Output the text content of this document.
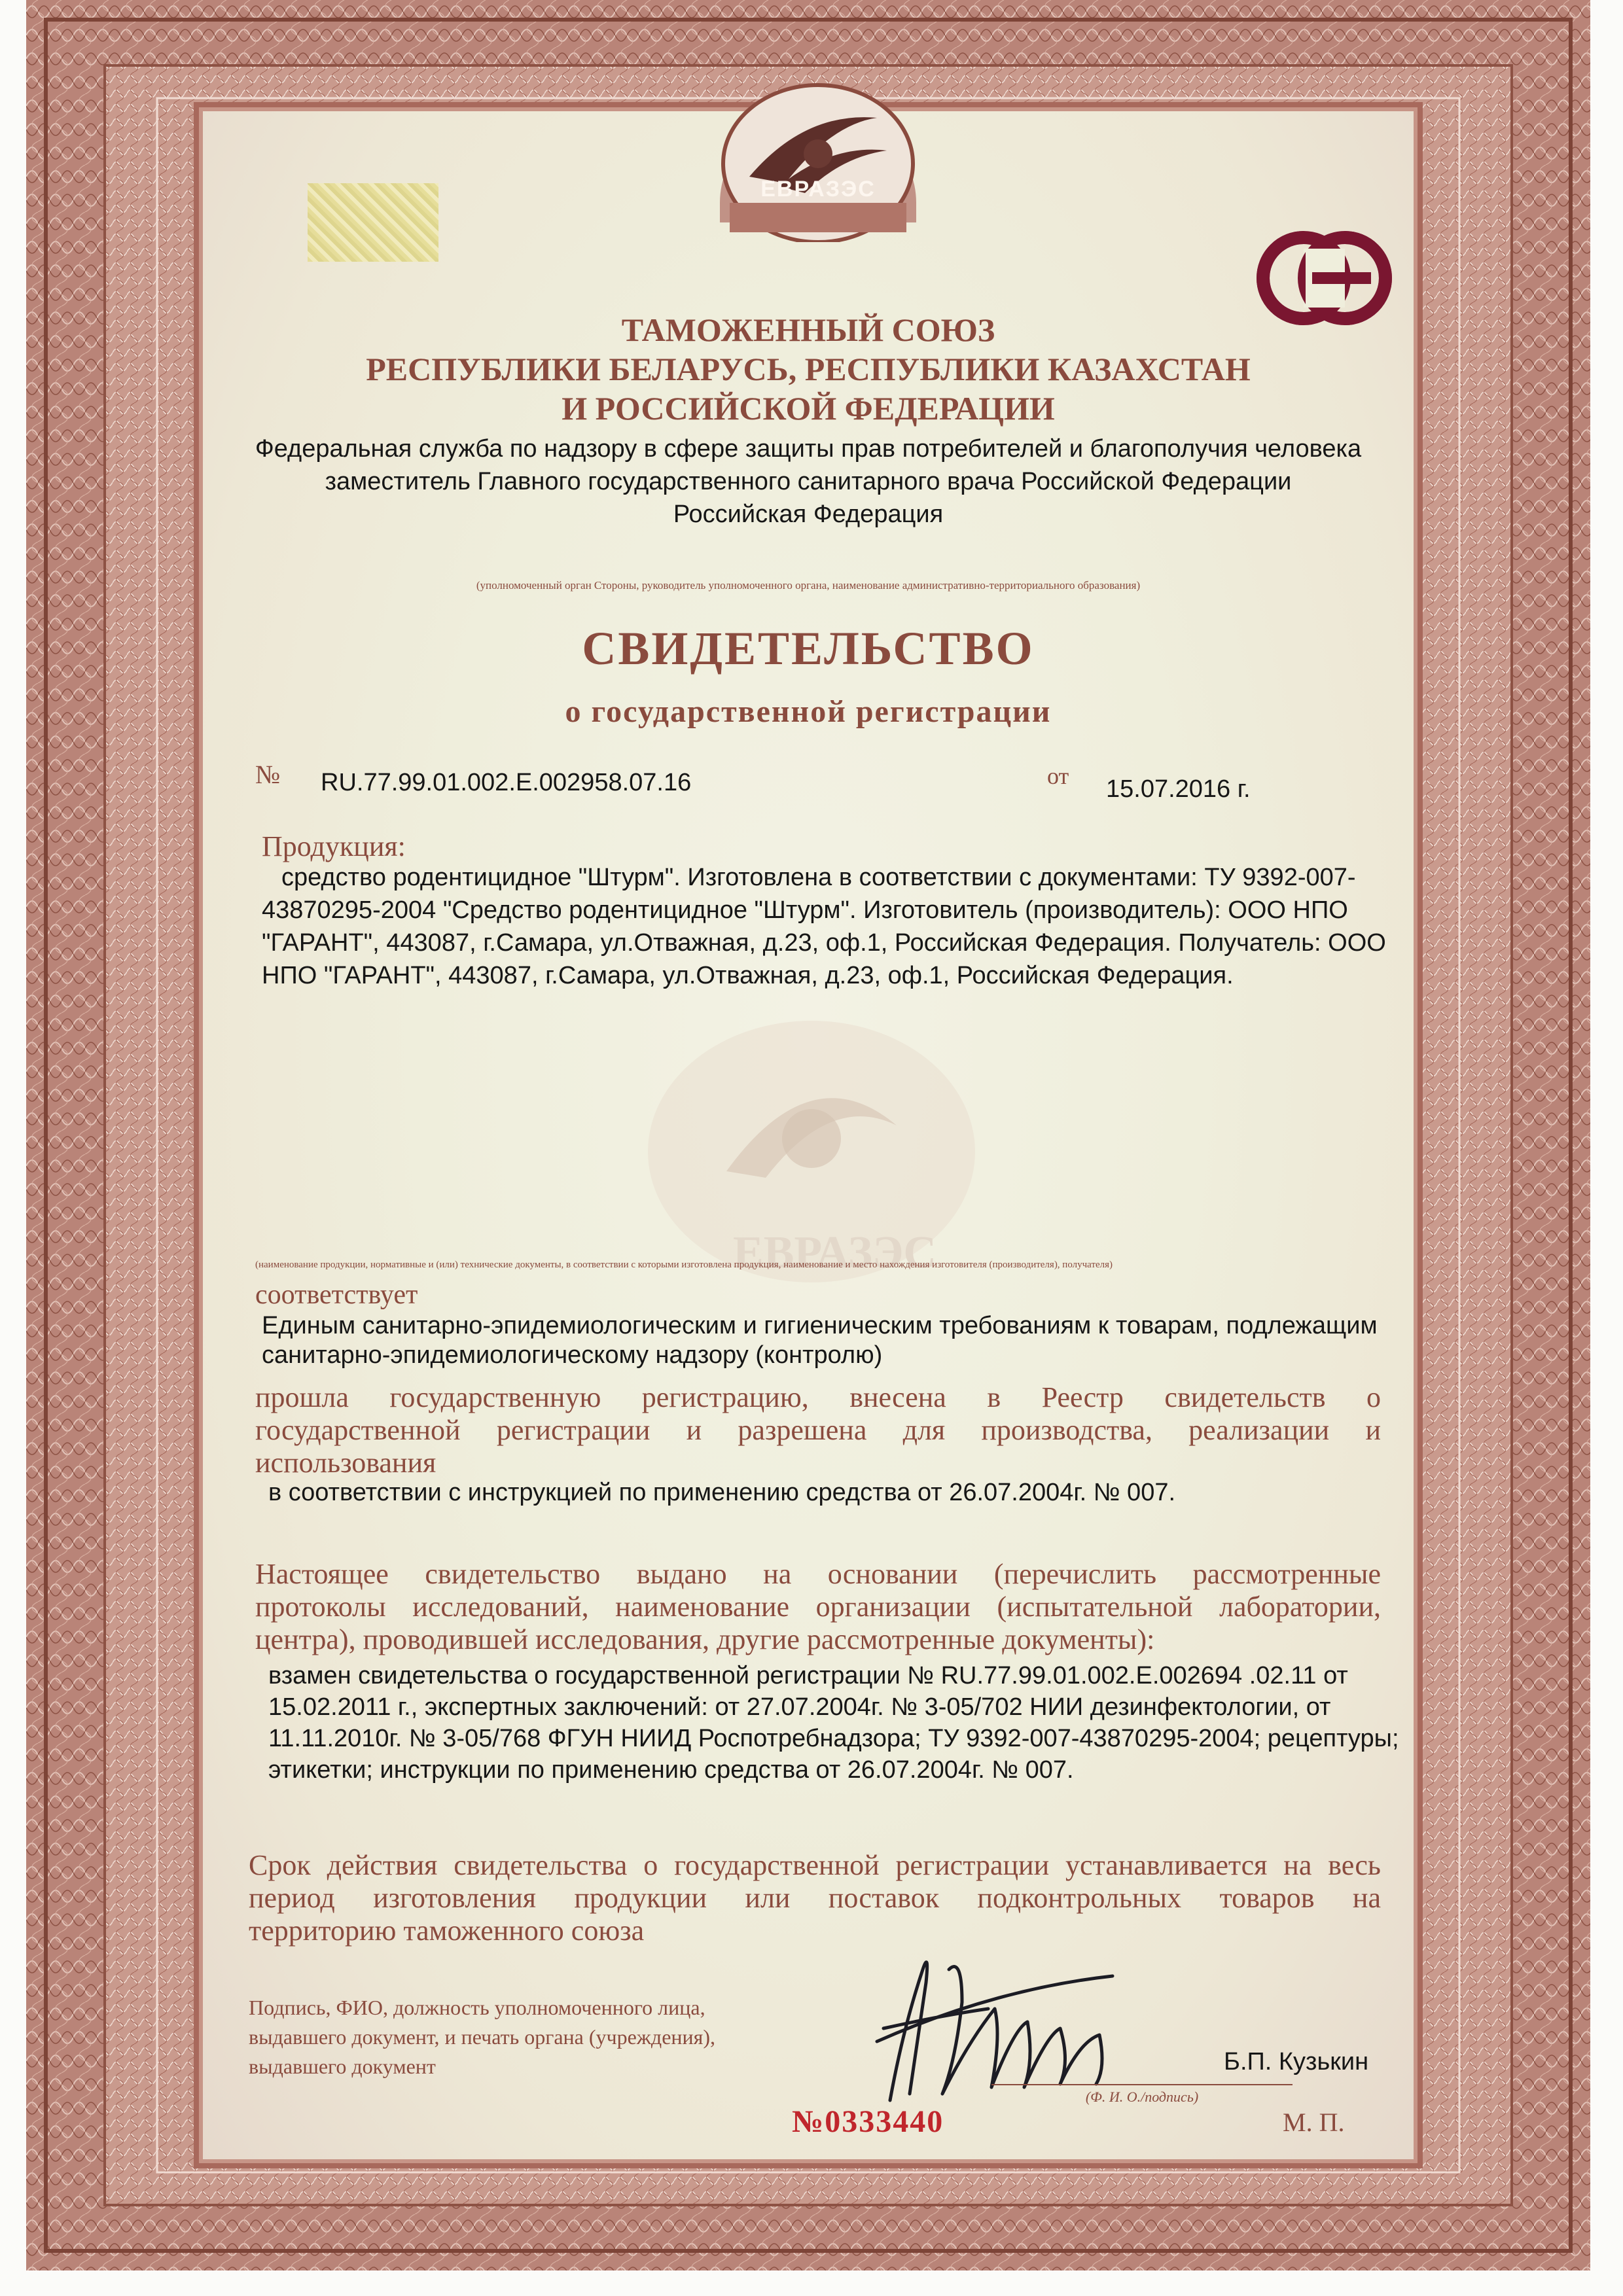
ЕВРАЗЭС
ЕВРАЗЭС
ТАМОЖЕННЫЙ СОЮЗ
РЕСПУБЛИКИ БЕЛАРУСЬ, РЕСПУБЛИКИ КАЗАХСТАН
И РОССИЙСКОЙ ФЕДЕРАЦИИ
Федеральная служба по надзору в сфере защиты прав потребителей и благополучия человека
заместитель Главного государственного санитарного врача Российской Федерации
Российская Федерация
(уполномоченный орган Стороны, руководитель уполномоченного органа, наименование административно-территориального образования)
СВИДЕТЕЛЬСТВО
о государственной регистрации
№ RU.77.99.01.002.E.002958.07.16	от 15.07.2016 г.
Продукция:
средство родентицидное "Штурм". Изготовлена в соответствии с документами: ТУ 9392-007-
43870295-2004 "Средство родентицидное "Штурм". Изготовитель (производитель): ООО НПО
"ГАРАНТ", 443087, г.Самара, ул.Отважная, д.23, оф.1, Российская Федерация. Получатель: ООО
НПО "ГАРАНТ", 443087, г.Самара, ул.Отважная, д.23, оф.1, Российская Федерация.
(наименование продукции, нормативные и (или) технические документы, в соответствии с которыми изготовлена продукция, наименование и место нахождения изготовителя (производителя), получателя)
соответствует
Единым санитарно-эпидемиологическим и гигиеническим требованиям к товарам, подлежащим
санитарно-эпидемиологическому надзору (контролю)
прошла государственную регистрацию, внесена в Реестр свидетельств о
государственной регистрации и разрешена для производства, реализации и
использования
в соответствии с инструкцией по применению средства от 26.07.2004г. № 007.
Настоящее свидетельство выдано на основании (перечислить рассмотренные
протоколы исследований, наименование организации (испытательной лаборатории,
центра), проводившей исследования, другие рассмотренные документы):
взамен свидетельства о государственной регистрации № RU.77.99.01.002.E.002694 .02.11 от
15.02.2011 г., экспертных заключений: от 27.07.2004г. № 3-05/702 НИИ дезинфектологии, от
11.11.2010г. № 3-05/768 ФГУН НИИД Роспотребнадзора; ТУ 9392-007-43870295-2004; рецептуры;
этикетки; инструкции по применению средства от 26.07.2004г. № 007.
Срок действия свидетельства о государственной регистрации устанавливается на весь
период изготовления продукции или поставок подконтрольных товаров на
территорию таможенного союза
Подпись, ФИО, должность уполномоченного лица,
выдавшего документ, и печать органа (учреждения),
выдавшего документ
(Ф. И. О./подпись)
Б.П. Кузькин
№0333440	М. П.
